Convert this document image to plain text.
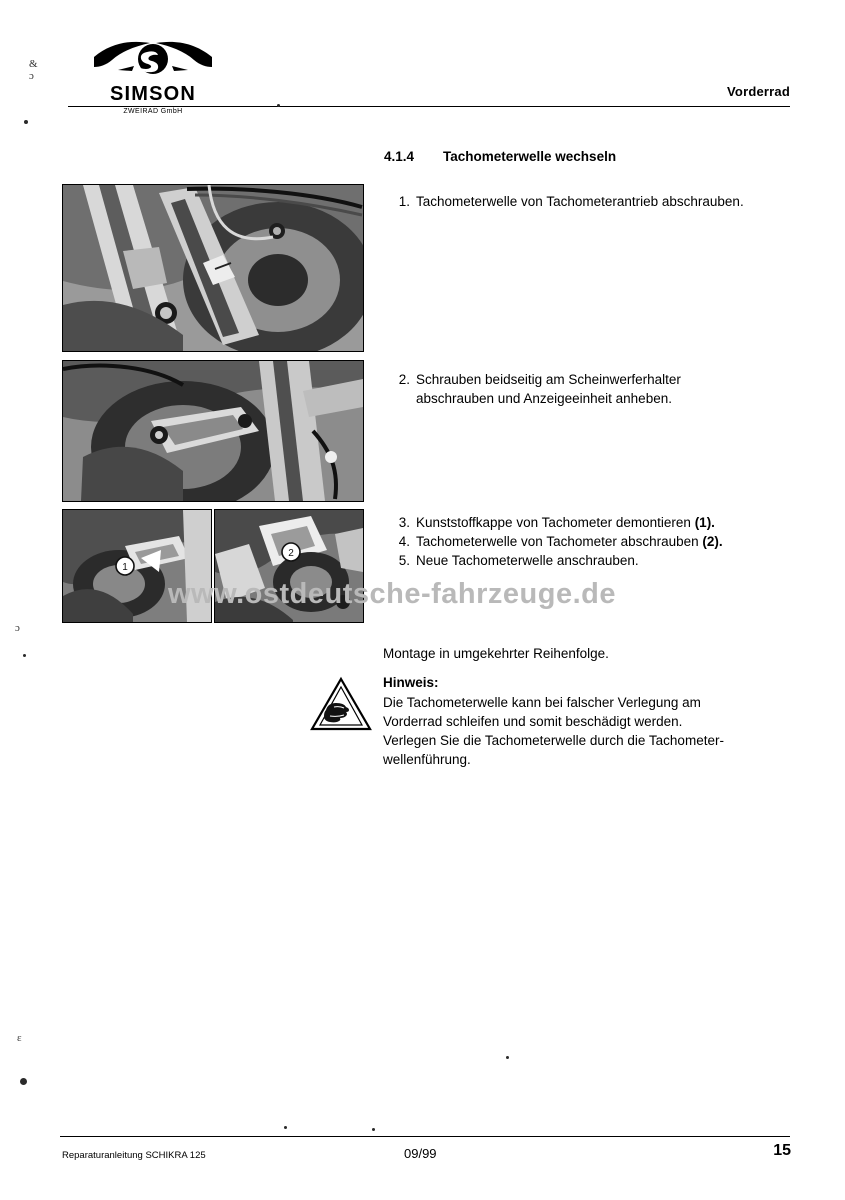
SIMSON
ZWEIRAD GmbH
Vorderrad
4.1.4 Tachometerwelle wechseln
1
2
1. Tachometerwelle von Tachometerantrieb abschrauben.
2. Schrauben beidseitig am Scheinwerferhalter abschrauben und Anzeigeeinheit anheben.
3. Kunststoffkappe von Tachometer demontieren (1).
4. Tachometerwelle von Tachometer abschrauben (2).
5. Neue Tachometerwelle anschrauben.
www.ostdeutsche-fahrzeuge.de
Montage in umgekehrter Reihenfolge.
Hinweis:
Die Tachometerwelle kann bei falscher Verlegung am
Vorderrad schleifen und somit beschädigt werden.
Verlegen Sie die Tachometerwelle durch die Tachometer-
wellenführung.
&
ɔ
ɔ
ɛ
Reparaturanleitung SCHIKRA 125	09/99	15
